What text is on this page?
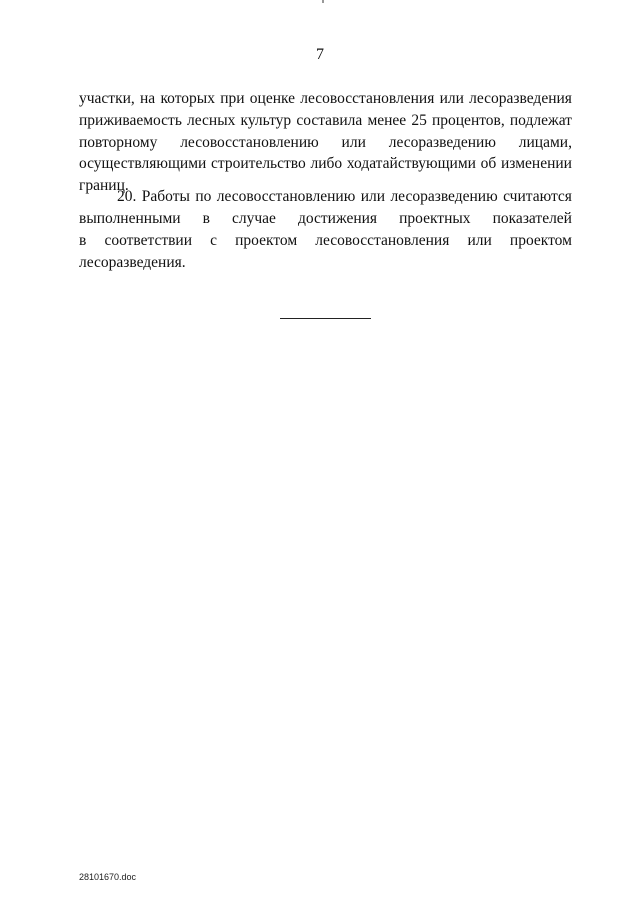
7
участки, на которых при оценке лесовосстановления или лесоразведения
приживаемость лесных культур составила менее 25 процентов, подлежат
повторному лесовосстановлению или лесоразведению лицами,
осуществляющими строительство либо ходатайствующими об изменении
границ.
20. Работы по лесовосстановлению или лесоразведению считаются
выполненными в случае достижения проектных показателей
в соответствии с проектом лесовосстановления или проектом
лесоразведения.
28101670.doc
